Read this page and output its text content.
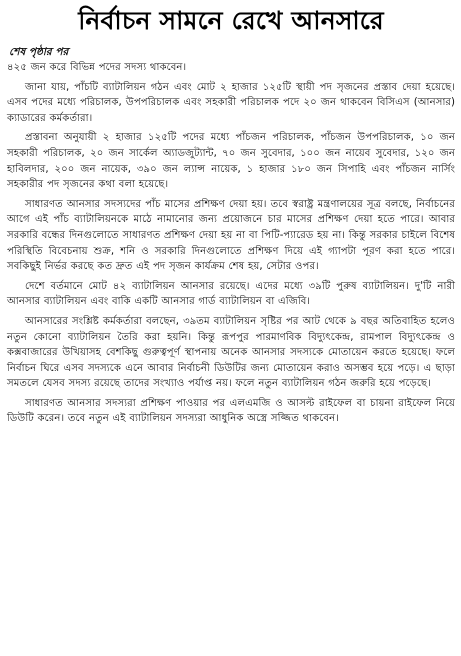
নির্বাচন সামনে রেখে আনসারে
শেষ পৃষ্ঠার পর

৪২৫ জন করে বিভিন্ন পদের সদস্য থাকবেন।

জানা যায়, পাঁচটি ব্যাটালিয়ন গঠন এবং মোট ২ হাজার ১২৫টি স্থায়ী পদ সৃজনের প্রস্তাব দেয়া হয়েছে। এসব পদের মধ্যে পরিচালক, উপপরিচালক এবং সহকারী পরিচালক পদে ২০ জন থাকবেন বিসিএস (আনসার) ক্যাডারের কর্মকর্তারা।

প্রস্তাবনা অনুযায়ী ২ হাজার ১২৫টি পদের মধ্যে পাঁচজন পরিচালক, পাঁচজন উপপরিচালক, ১০ জন সহকারী পরিচালক, ২০ জন সার্কেল অ্যাডজুট্যান্ট, ৭০ জন সুবেদার, ১০০ জন নায়েব সুবেদার, ১২০ জন হাবিলদার, ২০০ জন নায়েক, ৩৯০ জন ল্যান্স নায়েক, ১ হাজার ১৮০ জন সিপাহি এবং পাঁচজন নার্সিং সহকারীর পদ সৃজনের কথা বলা হয়েছে।

সাধারণত আনসার সদস্যদের পাঁচ মাসের প্রশিক্ষণ দেয়া হয়। তবে স্বরাষ্ট্র মন্ত্রণালয়ের সূত্র বলছে, নির্বাচনের আগে এই পাঁচ ব্যাটালিয়নকে মাঠে নামানোর জন্য প্রয়োজনে চার মাসের প্রশিক্ষণ দেয়া হতে পারে। আবার সরকারি বন্ধের দিনগুলোতে সাধারণত প্রশিক্ষণ দেয়া হয় না বা পিটি-প্যারেড হয় না। কিন্তু সরকার চাইলে বিশেষ পরিস্থিতি বিবেচনায় শুক্র, শনি ও সরকারি দিনগুলোতে প্রশিক্ষণ দিয়ে এই গ্যাপটা পূরণ করা হতে পারে। সবকিছুই নির্ভর করছে কত দ্রুত এই পদ সৃজন কার্যক্রম শেষ হয়, সেটার ওপর।

দেশে বর্তমানে মোট ৪২ ব্যাটালিয়ন আনসার রয়েছে। এদের মধ্যে ৩৯টি পুরুষ ব্যাটালিয়ন। দু'টি নারী আনসার ব্যাটালিয়ন এবং বাকি একটি আনসার গার্ড ব্যাটালিয়ন বা এজিবি।

আনসারের সংশ্লিষ্ট কর্মকর্তারা বলছেন, ৩৯তম ব্যাটালিয়ন সৃষ্টির পর আট থেকে ৯ বছর অতিবাহিত হলেও নতুন কোনো ব্যাটালিয়ন তৈরি করা হয়নি। কিন্তু রূপপুর পারমাণবিক বিদ্যুৎকেন্দ্র, রামপাল বিদ্যুৎকেন্দ্র ও কক্সবাজারের উখিয়াসহ বেশকিছু গুরুত্বপূর্ণ স্থাপনায় অনেক আনসার সদস্যকে মোতায়েন করতে হয়েছে। ফলে নির্বাচন ঘিরে এসব সদস্যকে এনে আবার নির্বাচনী ডিউটির জন্য মোতায়েন করাও অসম্ভব হয়ে পড়ে। এ ছাড়া সমতলে যেসব সদস্য রয়েছে তাদের সংখ্যাও পর্যাপ্ত নয়। ফলে নতুন ব্যাটালিয়ন গঠন জরুরি হয়ে পড়েছে।

সাধারণত আনসার সদস্যরা প্রশিক্ষণ পাওয়ার পর এলএমজি ও আসল্ট রাইফেল বা চায়না রাইফেল নিয়ে ডিউটি করেন। তবে নতুন এই ব্যাটালিয়ন সদস্যরা আধুনিক অস্ত্রে সজ্জিত থাকবেন।
